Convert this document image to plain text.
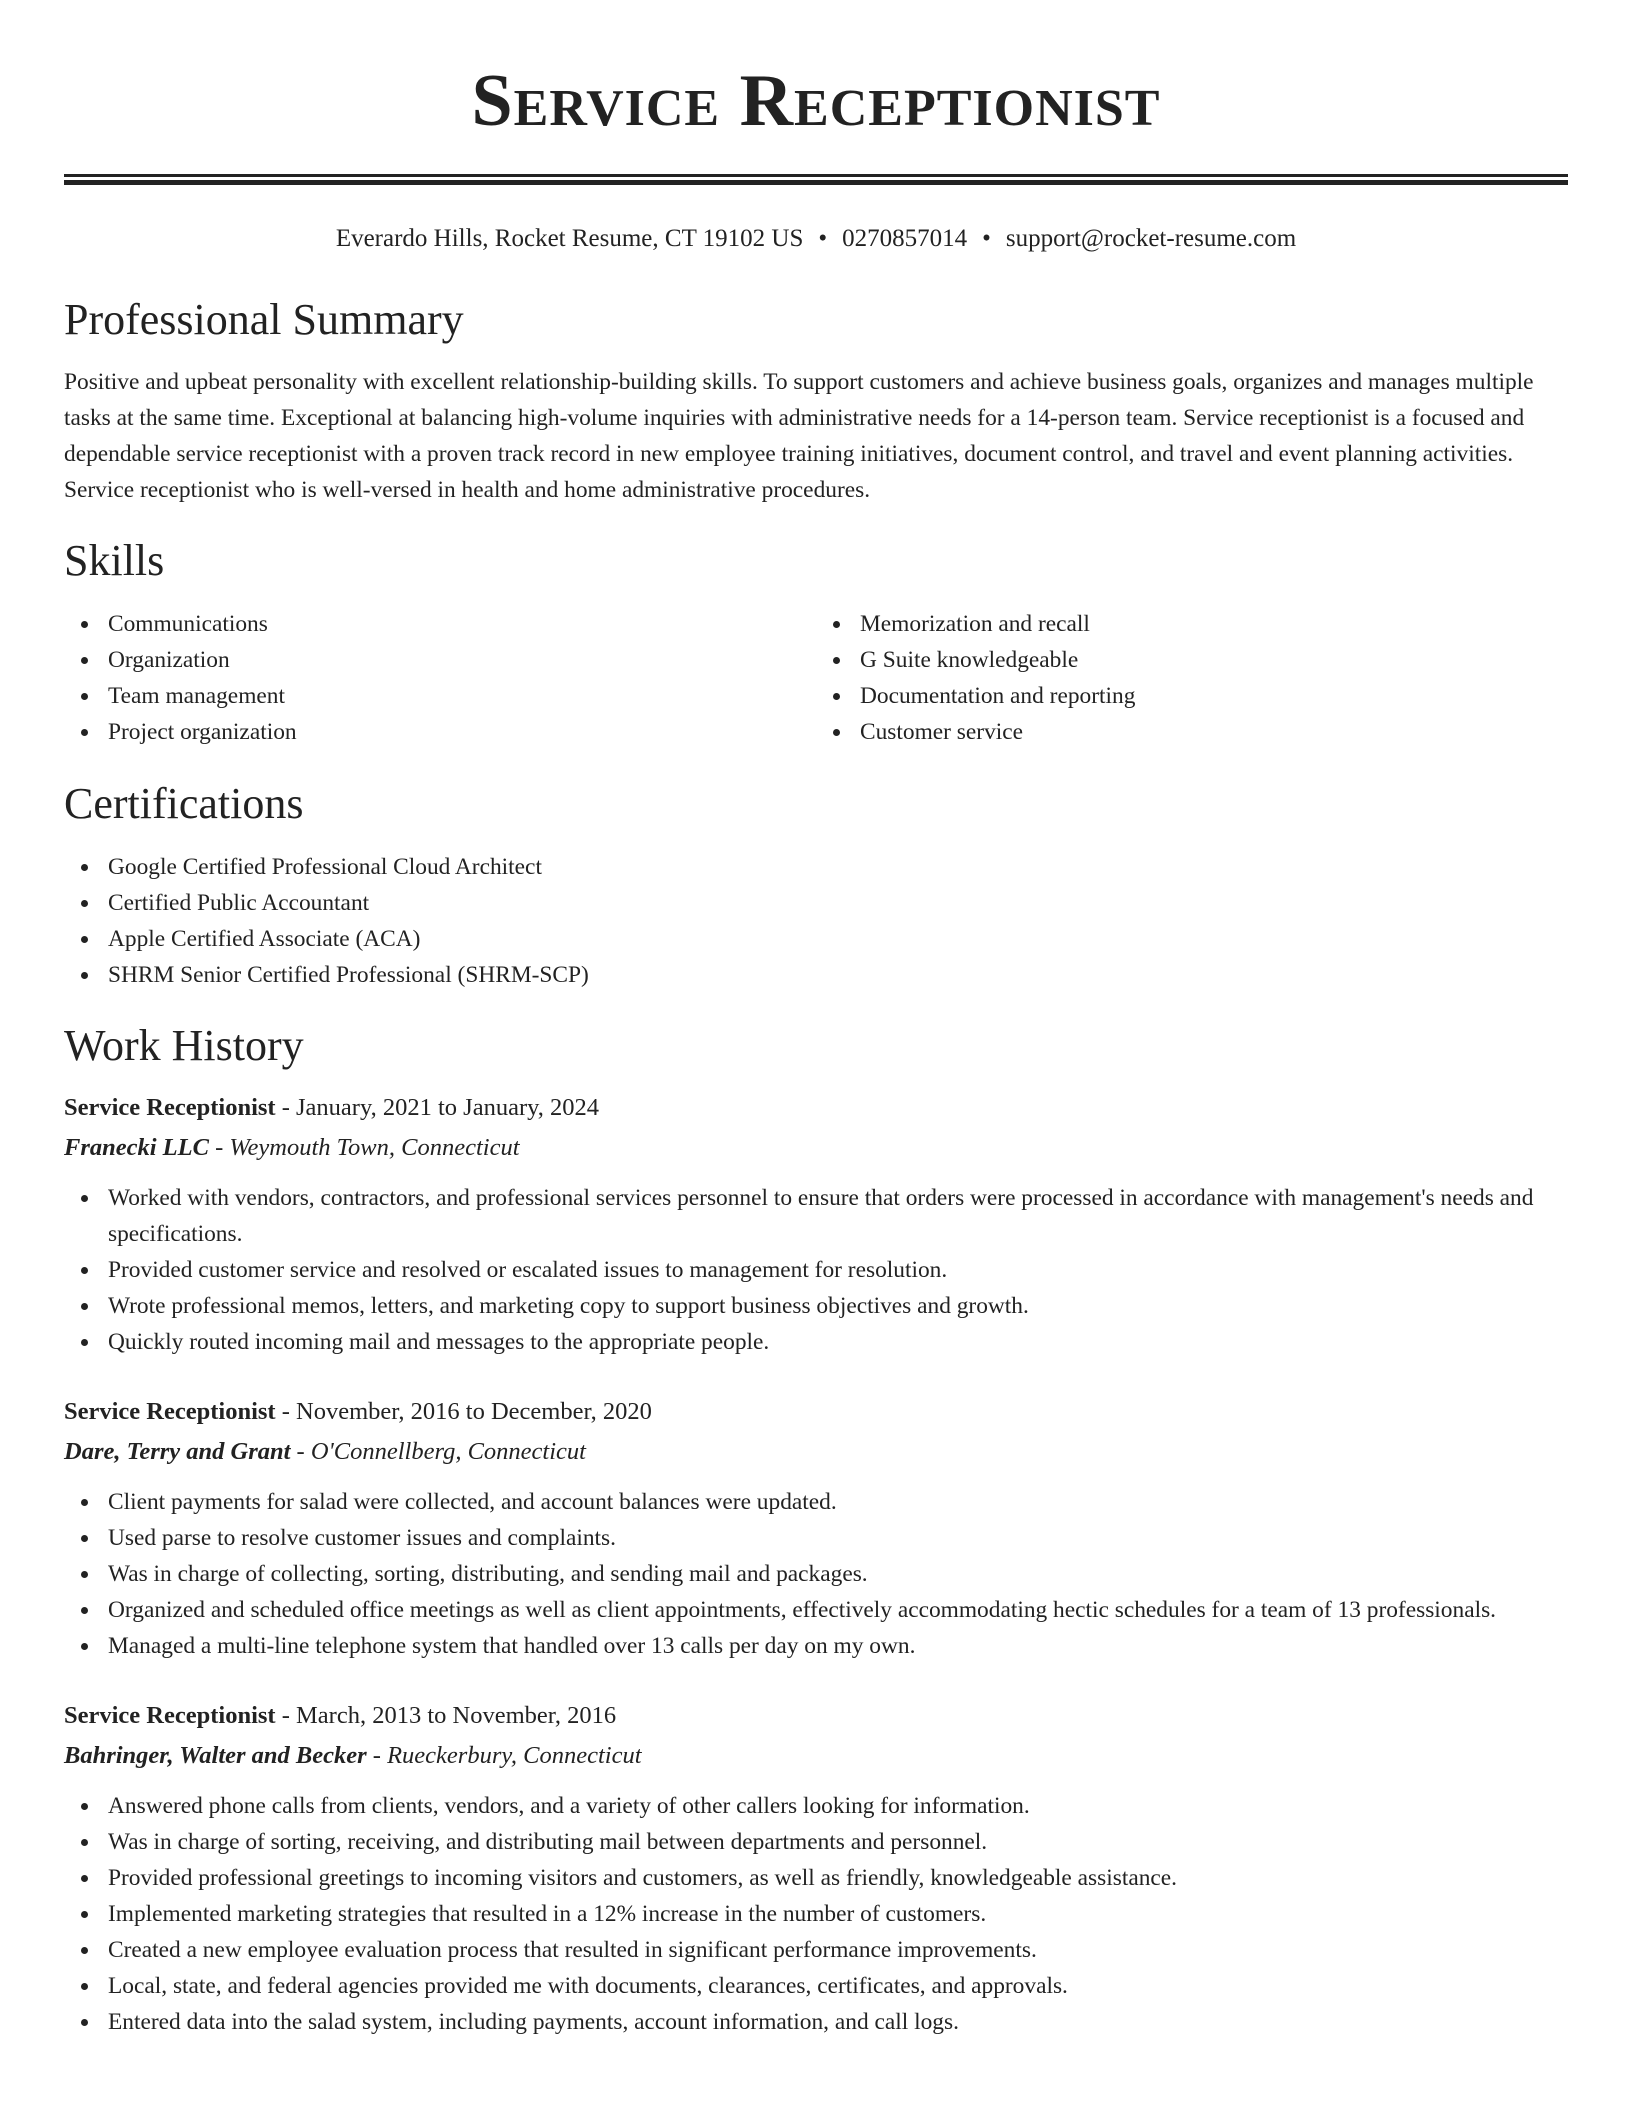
Service Receptionist
Everardo Hills, Rocket Resume, CT 19102 US • 0270857014 • support@rocket-resume.com
Professional Summary
Positive and upbeat personality with excellent relationship-building skills. To support customers and achieve business goals, organizes and manages multiple tasks at the same time. Exceptional at balancing high-volume inquiries with administrative needs for a 14-person team. Service receptionist is a focused and dependable service receptionist with a proven track record in new employee training initiatives, document control, and travel and event planning activities. Service receptionist who is well-versed in health and home administrative procedures.
Skills
Communications
Organization
Team management
Project organization
Memorization and recall
G Suite knowledgeable
Documentation and reporting
Customer service
Certifications
Google Certified Professional Cloud Architect
Certified Public Accountant
Apple Certified Associate (ACA)
SHRM Senior Certified Professional (SHRM-SCP)
Work History
Service Receptionist - January, 2021 to January, 2024
Franecki LLC - Weymouth Town, Connecticut
Worked with vendors, contractors, and professional services personnel to ensure that orders were processed in accordance with management's needs and specifications.
Provided customer service and resolved or escalated issues to management for resolution.
Wrote professional memos, letters, and marketing copy to support business objectives and growth.
Quickly routed incoming mail and messages to the appropriate people.
Service Receptionist - November, 2016 to December, 2020
Dare, Terry and Grant - O'Connellberg, Connecticut
Client payments for salad were collected, and account balances were updated.
Used parse to resolve customer issues and complaints.
Was in charge of collecting, sorting, distributing, and sending mail and packages.
Organized and scheduled office meetings as well as client appointments, effectively accommodating hectic schedules for a team of 13 professionals.
Managed a multi-line telephone system that handled over 13 calls per day on my own.
Service Receptionist - March, 2013 to November, 2016
Bahringer, Walter and Becker - Rueckerbury, Connecticut
Answered phone calls from clients, vendors, and a variety of other callers looking for information.
Was in charge of sorting, receiving, and distributing mail between departments and personnel.
Provided professional greetings to incoming visitors and customers, as well as friendly, knowledgeable assistance.
Implemented marketing strategies that resulted in a 12% increase in the number of customers.
Created a new employee evaluation process that resulted in significant performance improvements.
Local, state, and federal agencies provided me with documents, clearances, certificates, and approvals.
Entered data into the salad system, including payments, account information, and call logs.
